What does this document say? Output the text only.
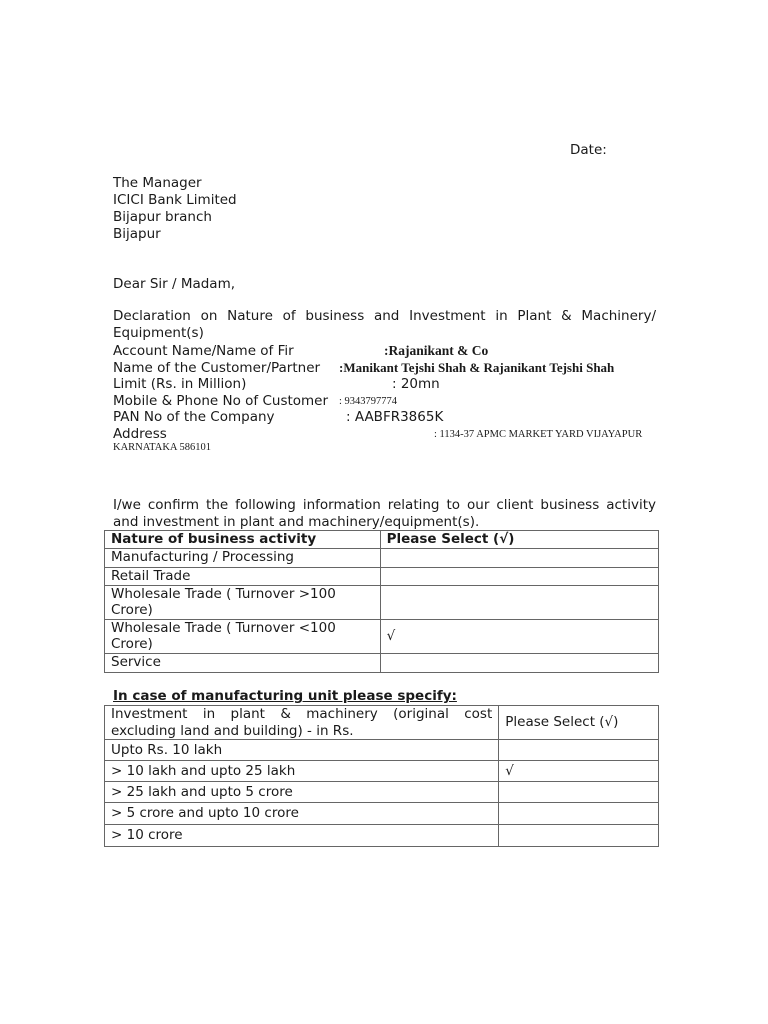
Date:
The Manager
ICICI Bank Limited
Bijapur branch
Bijapur
Dear Sir / Madam,
Declaration on Nature of business and Investment in Plant & Machinery/
Equipment(s)
Account Name/Name of Fir	:Rajanikant & Co
Name of the Customer/Partner :Manikant Tejshi Shah & Rajanikant Tejshi Shah
Limit (Rs. in Million)	: 20mn
Mobile & Phone No of Customer : 9343797774
PAN No of the Company	: AABFR3865K
Address	: 1134-37 APMC MARKET YARD VIJAYAPUR
KARNATAKA 586101
I/we confirm the following information relating to our client business activity
and investment in plant and machinery/equipment(s).
Nature of business activity	Please Select (√)
Manufacturing / Processing	
Retail Trade	
Wholesale Trade ( Turnover >100 Crore)	
Wholesale Trade ( Turnover <100 Crore)	√
Service	
In case of manufacturing unit please specify:
Investment in plant & machinery (original cost excluding land and building) - in Rs.	Please Select (√)
Upto Rs. 10 lakh	
> 10 lakh and upto 25 lakh	√
> 25 lakh and upto 5 crore	
> 5 crore and upto 10 crore	
> 10 crore	
